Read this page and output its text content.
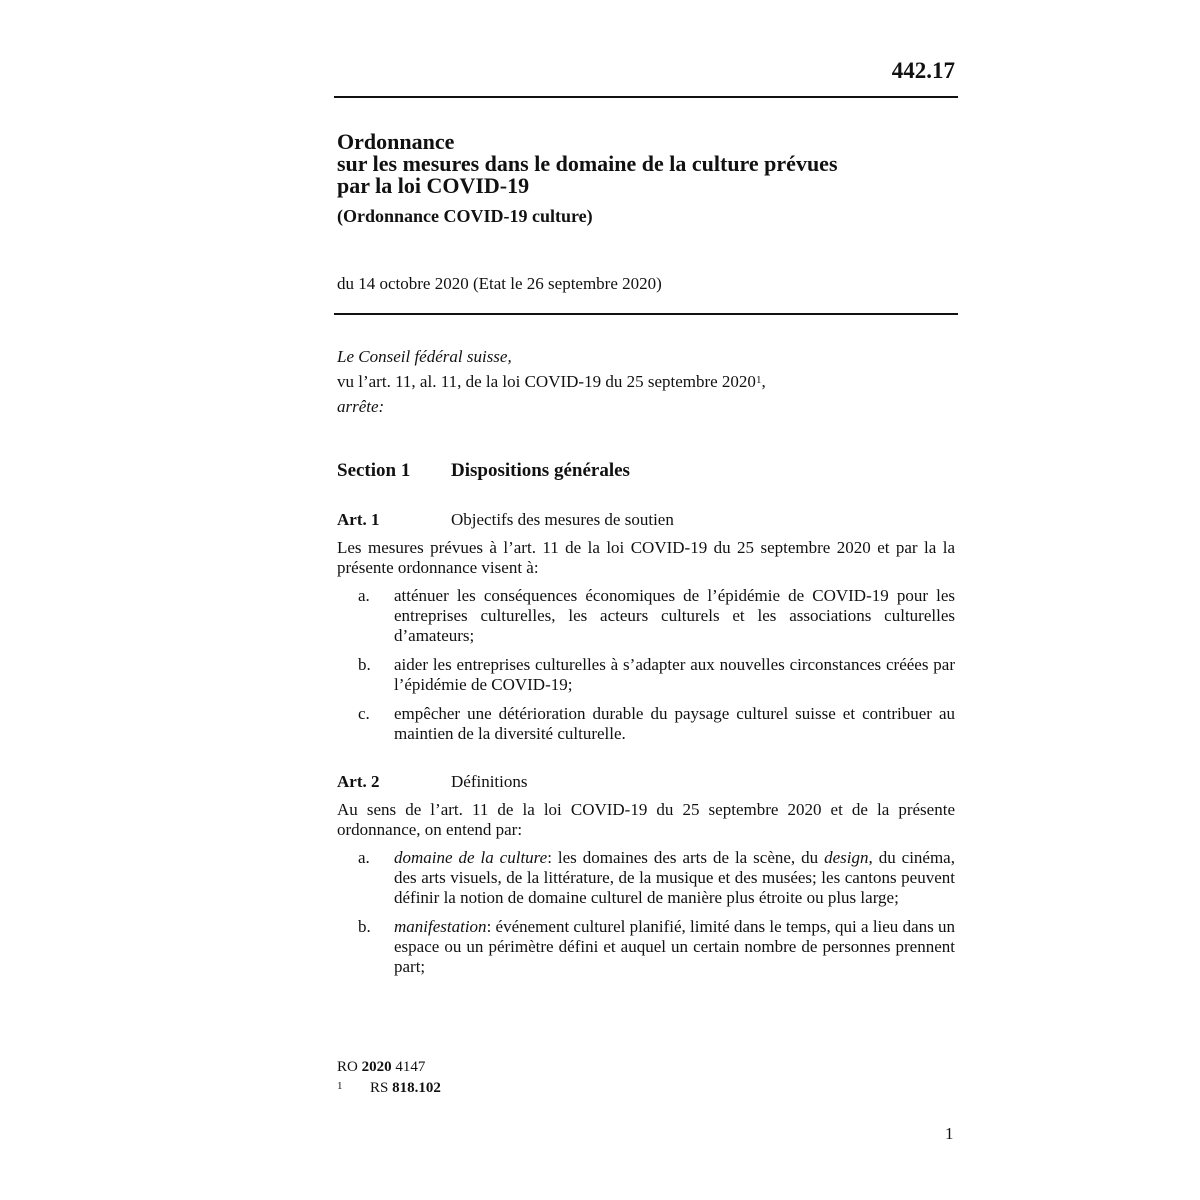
442.17
Ordonnance
sur les mesures dans le domaine de la culture prévues
par la loi COVID-19
(Ordonnance COVID-19 culture)
du 14 octobre 2020 (Etat le 26 septembre 2020)
Le Conseil fédéral suisse,
vu l’art. 11, al. 11, de la loi COVID-19 du 25 septembre 2020$^1$,
arrête:
Section 1 Dispositions générales
Art. 1	Objectifs des mesures de soutien
Les mesures prévues à l’art. 11 de la loi COVID-19 du 25 septembre 2020 et par la la présente ordonnance visent à:
a. atténuer les conséquences économiques de l’épidémie de COVID-19 pour les entreprises culturelles, les acteurs culturels et les associations culturelles d’amateurs;
b. aider les entreprises culturelles à s’adapter aux nouvelles circonstances créées par l’épidémie de COVID-19;
c. empêcher une détérioration durable du paysage culturel suisse et contribuer au maintien de la diversité culturelle.
Art. 2	Définitions
Au sens de l’art. 11 de la loi COVID-19 du 25 septembre 2020 et de la présente ordonnance, on entend par:
a. domaine de la culture: les domaines des arts de la scène, du design, du cinéma, des arts visuels, de la littérature, de la musique et des musées; les cantons peuvent définir la notion de domaine culturel de manière plus étroite ou plus large;
b. manifestation: événement culturel planifié, limité dans le temps, qui a lieu dans un espace ou un périmètre défini et auquel un certain nombre de personnes prennent part;
RO 2020 4147
1 RS 818.102
1
